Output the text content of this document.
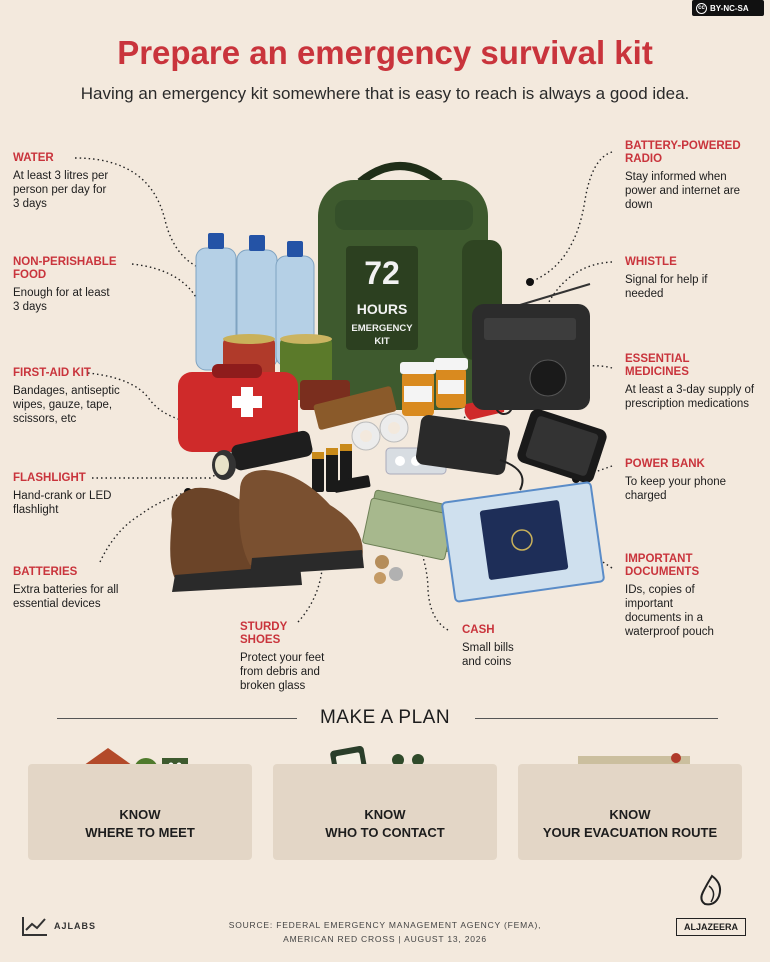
cc BY-NC-SA
Prepare an emergency survival kit
Having an emergency kit somewhere that is easy to reach is always a good idea.
72
HOURS
EMERGENCY
KIT
WATER
At least 3 litres per person per day for 3 days
NON-PERISHABLE FOOD
Enough for at least 3 days
FIRST-AID KIT
Bandages, antiseptic wipes, gauze, tape, scissors, etc
FLASHLIGHT
Hand-crank or LED flashlight
BATTERIES
Extra batteries for all essential devices
STURDY SHOES
Protect your feet from debris and broken glass
CASH
Small bills and coins
BATTERY-POWERED RADIO
Stay informed when power and internet are down
WHISTLE
Signal for help if needed
ESSENTIAL MEDICINES
At least a 3-day supply of prescription medications
POWER BANK
To keep your phone charged
IMPORTANT DOCUMENTS
IDs, copies of important documents in a waterproof pouch
MAKE A PLAN
KNOW
WHERE TO MEET
KNOW
WHO TO CONTACT
KNOW
YOUR EVACUATION ROUTE
AJLABS	SOURCE: FEDERAL EMERGENCY MANAGEMENT AGENCY (FEMA),
AMERICAN RED CROSS | AUGUST 13, 2026
ALJAZEERA
